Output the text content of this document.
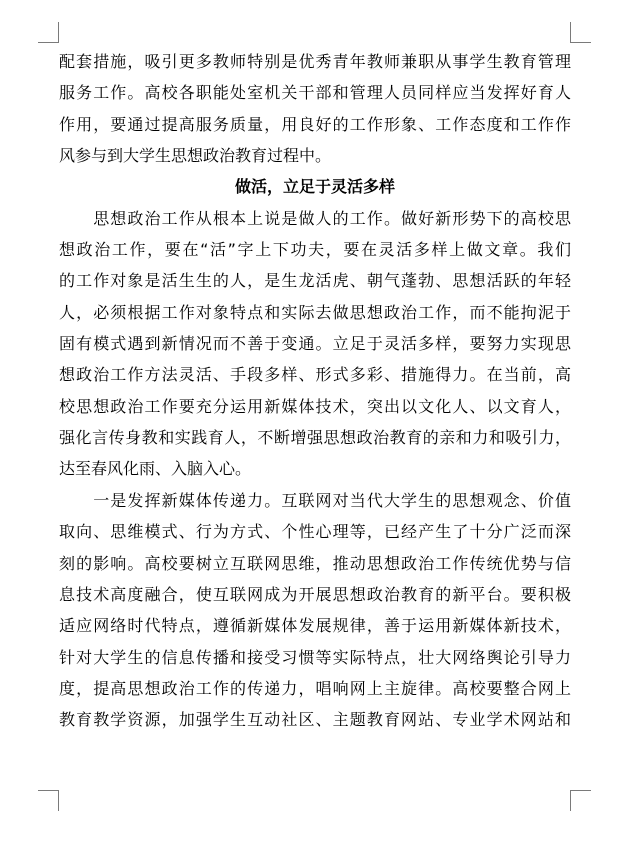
配套措施，吸引更多教师特别是优秀青年教师兼职从事学生教育管理
服务工作。高校各职能处室机关干部和管理人员同样应当发挥好育人
作用，要通过提高服务质量，用良好的工作形象、工作态度和工作作
风参与到大学生思想政治教育过程中。
做活，立足于灵活多样
　　思想政治工作从根本上说是做人的工作。做好新形势下的高校思
想政治工作，要在“活”字上下功夫，要在灵活多样上做文章。我们
的工作对象是活生生的人，是生龙活虎、朝气蓬勃、思想活跃的年轻
人，必须根据工作对象特点和实际去做思想政治工作，而不能拘泥于
固有模式遇到新情况而不善于变通。立足于灵活多样，要努力实现思
想政治工作方法灵活、手段多样、形式多彩、措施得力。在当前，高
校思想政治工作要充分运用新媒体技术，突出以文化人、以文育人，
强化言传身教和实践育人，不断增强思想政治教育的亲和力和吸引力，
达至春风化雨、入脑入心。
　　一是发挥新媒体传递力。互联网对当代大学生的思想观念、价值
取向、思维模式、行为方式、个性心理等，已经产生了十分广泛而深
刻的影响。高校要树立互联网思维，推动思想政治工作传统优势与信
息技术高度融合，使互联网成为开展思想政治教育的新平台。要积极
适应网络时代特点，遵循新媒体发展规律，善于运用新媒体新技术，
针对大学生的信息传播和接受习惯等实际特点，壮大网络舆论引导力
度，提高思想政治工作的传递力，唱响网上主旋律。高校要整合网上
教育教学资源，加强学生互动社区、主题教育网站、专业学术网站和
